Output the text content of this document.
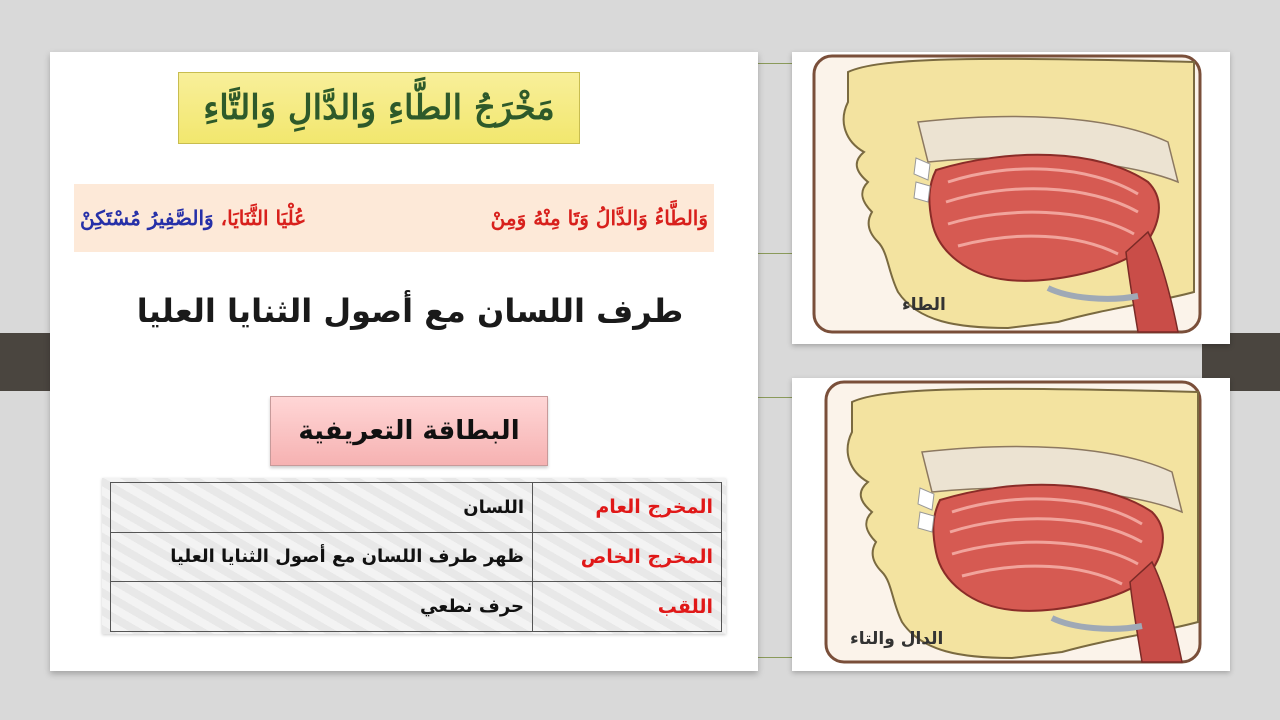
مَخْرَجُ الطَّاءِ وَالدَّالِ وَالتَّاءِ
وَالطَّاءُ وَالدَّالُ وَتَا مِنْهُ وَمِنْ
عُلْيَا الثَّنَايَا، وَالصَّفِيرُ مُسْتَكِنْ
طرف اللسان مع أصول الثنايا العليا
البطاقة التعريفية
المخرج العام	اللسان
المخرج الخاص	ظهر طرف اللسان مع أصول الثنايا العليا
اللقب	حرف نطعي
الطاء
الدال والتاء
